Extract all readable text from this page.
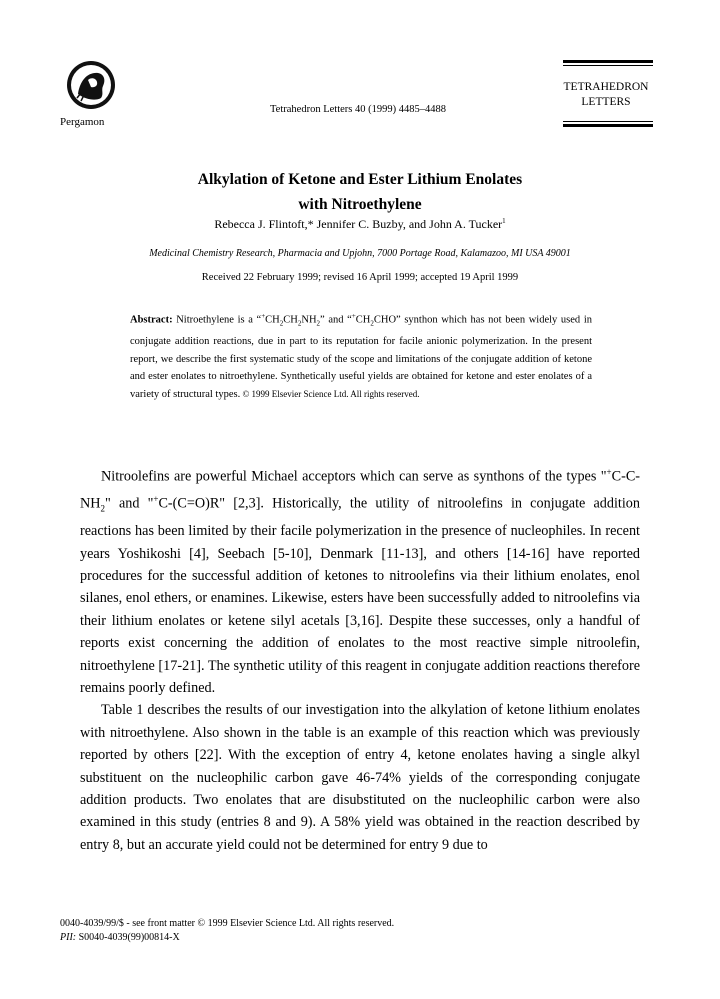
Pergamon
Tetrahedron Letters 40 (1999) 4485–4488
TETRAHEDRON
LETTERS
Alkylation of Ketone and Ester Lithium Enolates
with Nitroethylene
Rebecca J. Flintoft,* Jennifer C. Buzby, and John A. Tucker$^1$
Medicinal Chemistry Research, Pharmacia and Upjohn, 7000 Portage Road, Kalamazoo, MI USA 49001
Received 22 February 1999; revised 16 April 1999; accepted 19 April 1999
Abstract: Nitroethylene is a “$^+CH_2CH_2NH_2$” and “$^+CH_2CHO$” synthon which has not been widely used in conjugate addition reactions, due in part to its reputation for facile anionic polymerization. In the present report, we describe the first systematic study of the scope and limitations of the conjugate addition of ketone and ester enolates to nitroethylene. Synthetically useful yields are obtained for ketone and ester enolates of a variety of structural types. © 1999 Elsevier Science Ltd. All rights reserved.

Nitroolefins are powerful Michael acceptors which can serve as synthons of the types "$^+C-C-NH_2$" and "+C-(C=O)R" [2,3]. Historically, the utility of nitroolefins in conjugate addition reactions has been limited by their facile polymerization in the presence of nucleophiles. In recent years Yoshikoshi [4], Seebach [5-10], Denmark [11-13], and others [14-16] have reported procedures for the successful addition of ketones to nitroolefins via their lithium enolates, enol silanes, enol ethers, or enamines. Likewise, esters have been successfully added to nitroolefins via their lithium enolates or ketene silyl acetals [3,16]. Despite these successes, only a handful of reports exist concerning the addition of enolates to the most reactive simple nitroolefin, nitroethylene [17-21]. The synthetic utility of this reagent in conjugate addition reactions therefore remains poorly defined.

Table 1 describes the results of our investigation into the alkylation of ketone lithium enolates with nitroethylene. Also shown in the table is an example of this reaction which was previously reported by others [22]. With the exception of entry 4, ketone enolates having a single alkyl substituent on the nucleophilic carbon gave 46-74% yields of the corresponding conjugate addition products. Two enolates that are disubstituted on the nucleophilic carbon were also examined in this study (entries 8 and 9). A 58% yield was obtained in the reaction described by entry 8, but an accurate yield could not be determined for entry 9 due to

0040-4039/99/$ - see front matter © 1999 Elsevier Science Ltd. All rights reserved.
PII: S0040-4039(99)00814-X
